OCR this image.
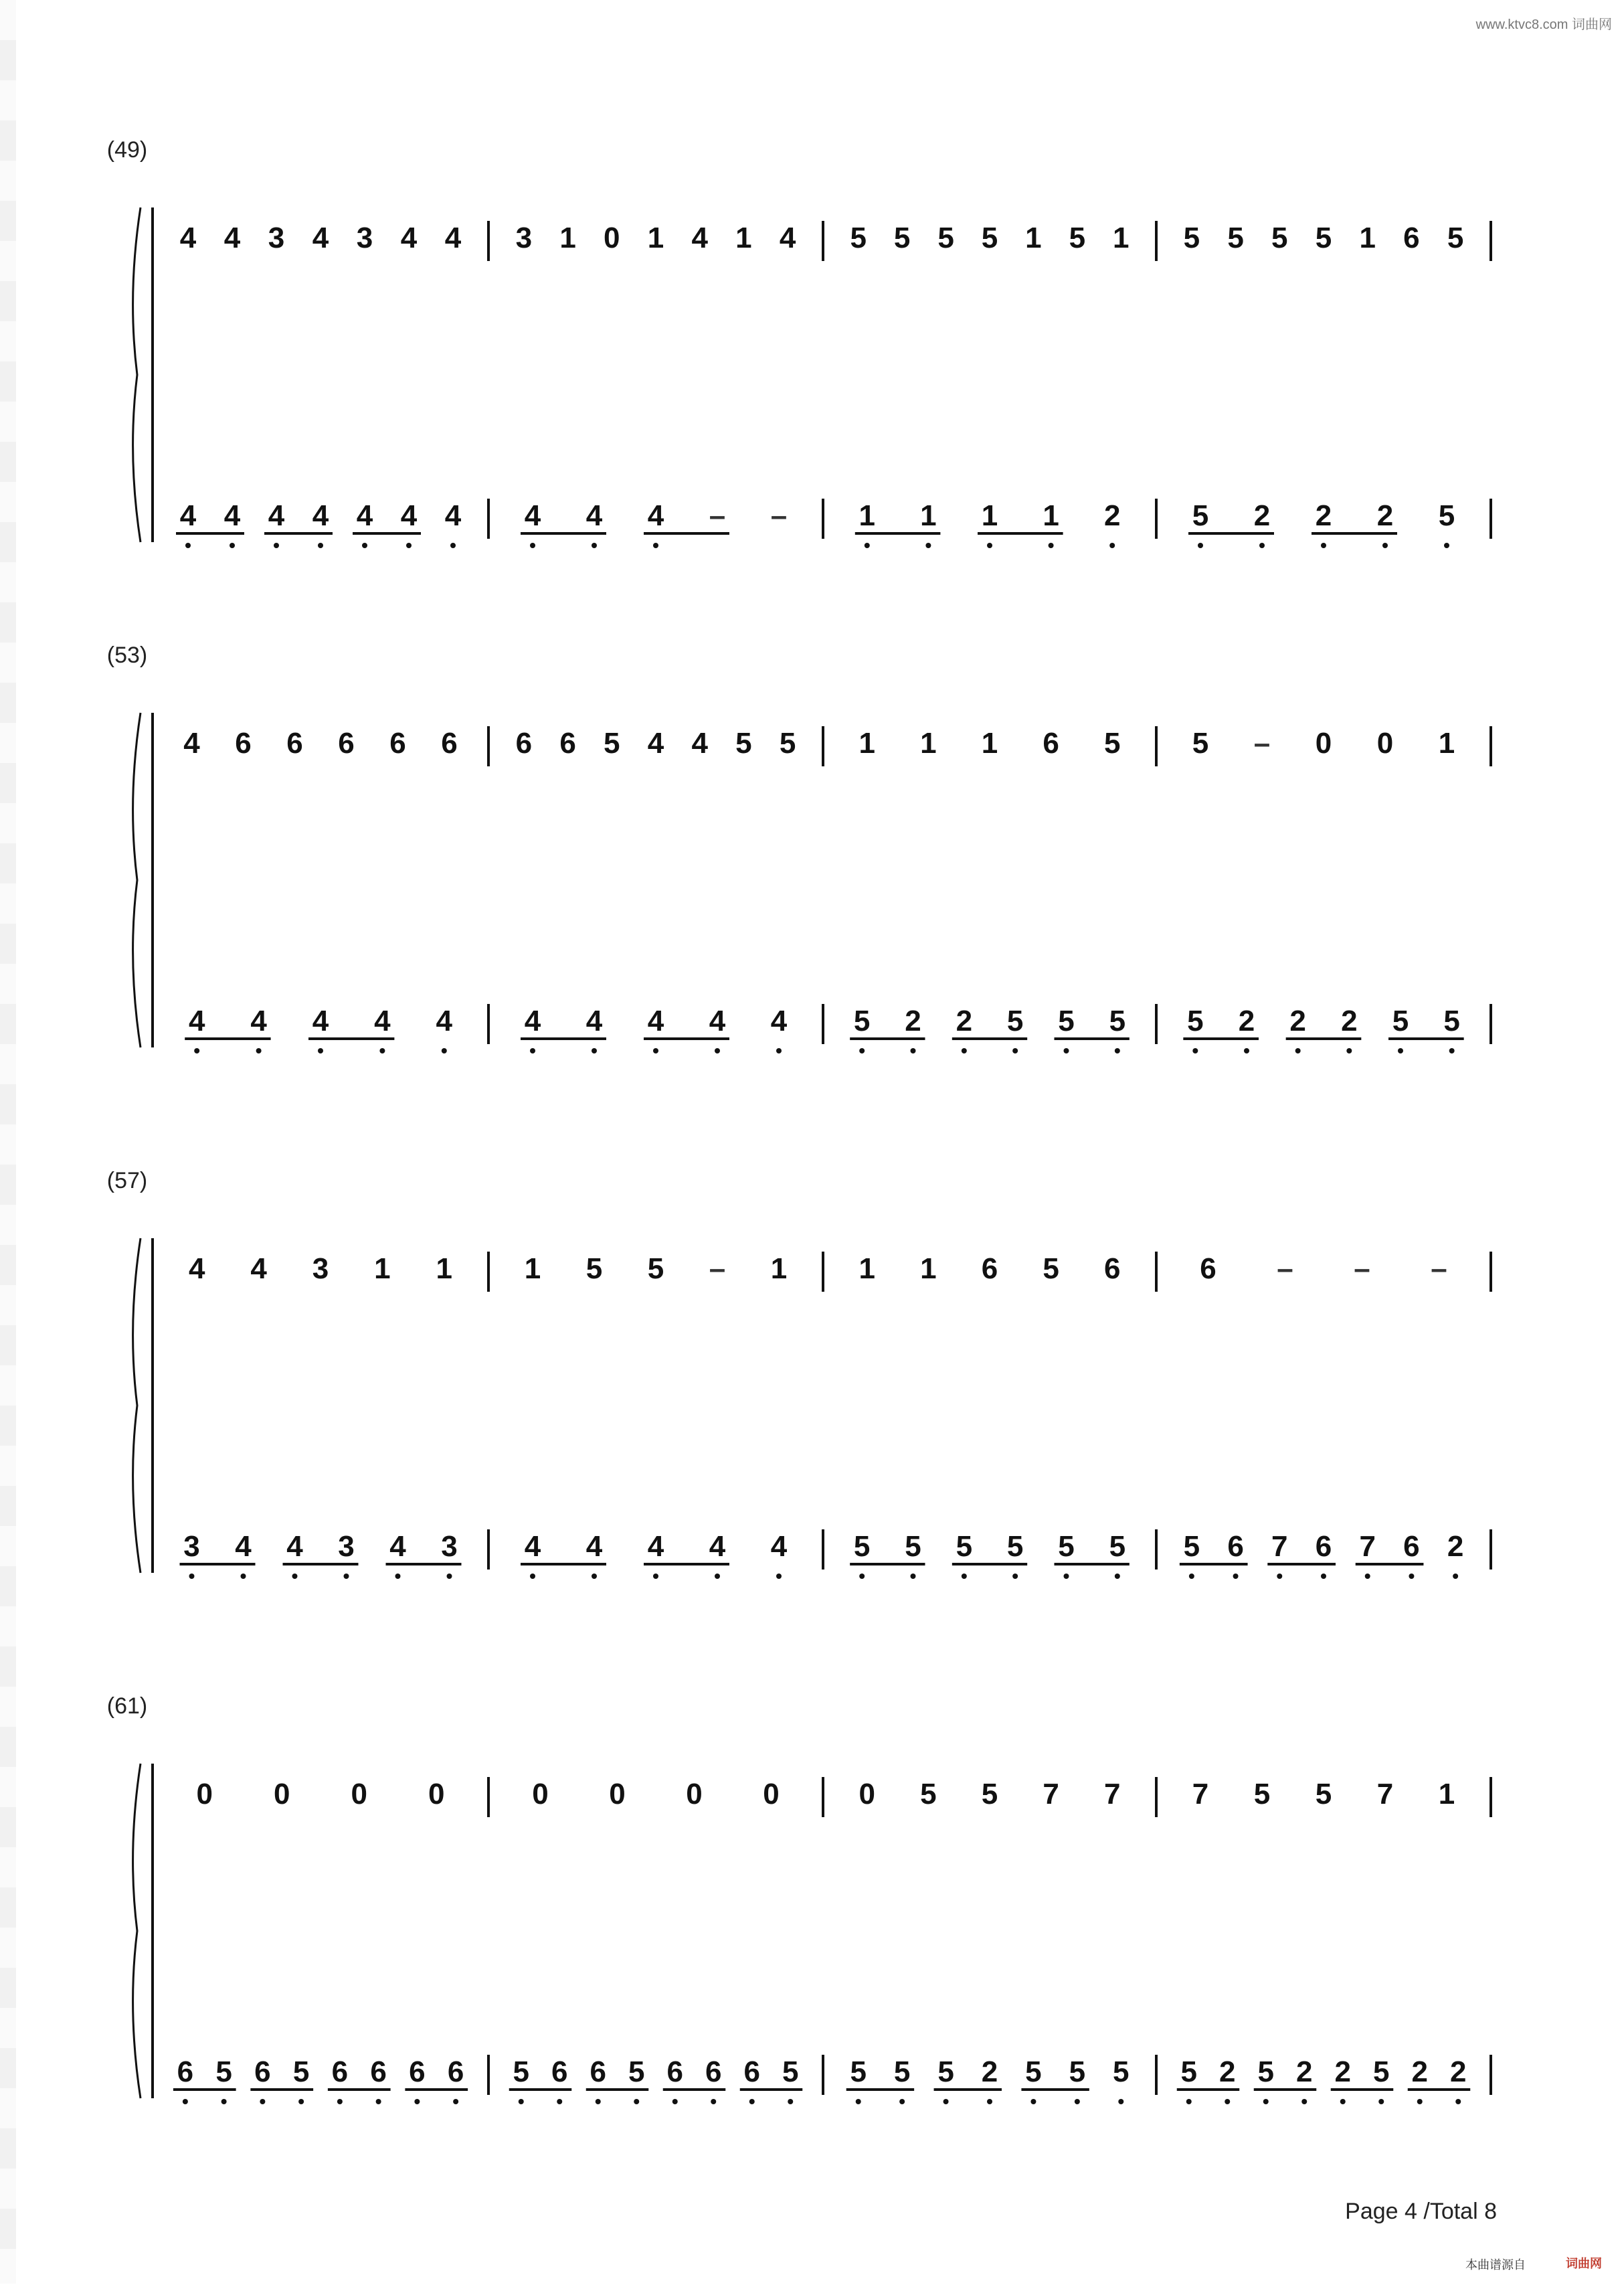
www.ktvc8.com 词曲网
(49)
4 4 3 4 3 4 4 3 1 0 1 4 1 4 5 5 5 5 1 5 1 5 5 5 5 1 6 5
4 4 4 4 4 4 4 4 4 4 – – 1 1 1 1 2 5 2 2 2 5
(53)
4 6 6 6 6 6 6 6 5 4 4 5 5 1 1 1 6 5 5 – 0 0 1
4 4 4 4 4 4 4 4 4 4 5 2 2 5 5 5 5 2 2 2 5 5
(57)
4 4 3 1 1 1 5 5 – 1 1 1 6 5 6	6 – – –
3 4 4 3 4 3 4 4 4 4 4 5 5 5 5 5 5 5 6 7 6 7 6 2
(61)
0 0 0 0	0 0 0 0	0 5 5 7 7 7 5 5 7 1
6 5 6 5 6 6 6 6 5 6 6 5 6 6 6 5 5 5 5 2 5 5 5 5 2 5 2 2 5 2 2
Page 4 /Total 8
本曲谱源自	词曲网
